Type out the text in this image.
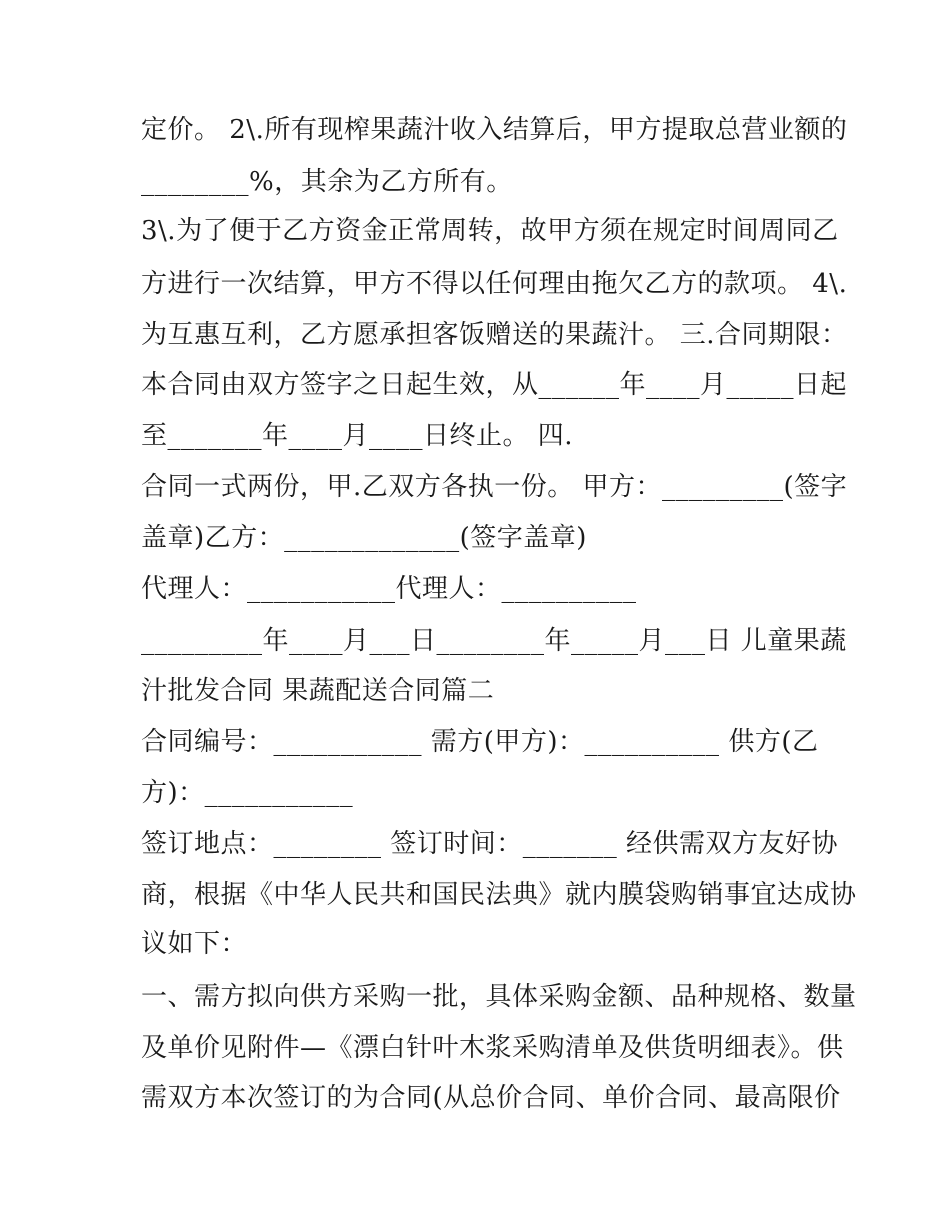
定价。 2\.所有现榨果蔬汁收入结算后，甲方提取总营业额的
________%，其余为乙方所有。
3\.为了便于乙方资金正常周转，故甲方须在规定时间周同乙
方进行一次结算，甲方不得以任何理由拖欠乙方的款项。 4\.
为互惠互利，乙方愿承担客饭赠送的果蔬汁。 三.合同期限：
本合同由双方签字之日起生效，从______年____月_____日起
至_______年____月____日终止。 四.
合同一式两份，甲.乙双方各执一份。 甲方：_________(签字
盖章)乙方：_____________(签字盖章)
代理人：___________代理人：__________
_________年____月___日________年_____月___日 儿童果蔬
汁批发合同 果蔬配送合同篇二
合同编号：___________ 需方(甲方)：__________ 供方(乙
方)：___________
签订地点：________ 签订时间：_______ 经供需双方友好协
商，根据《中华人民共和国民法典》就内膜袋购销事宜达成协
议如下：
一、需方拟向供方采购一批，具体采购金额、品种规格、数量
及单价见附件—《漂白针叶木浆采购清单及供货明细表》。供
需双方本次签订的为合同(从总价合同、单价合同、最高限价
